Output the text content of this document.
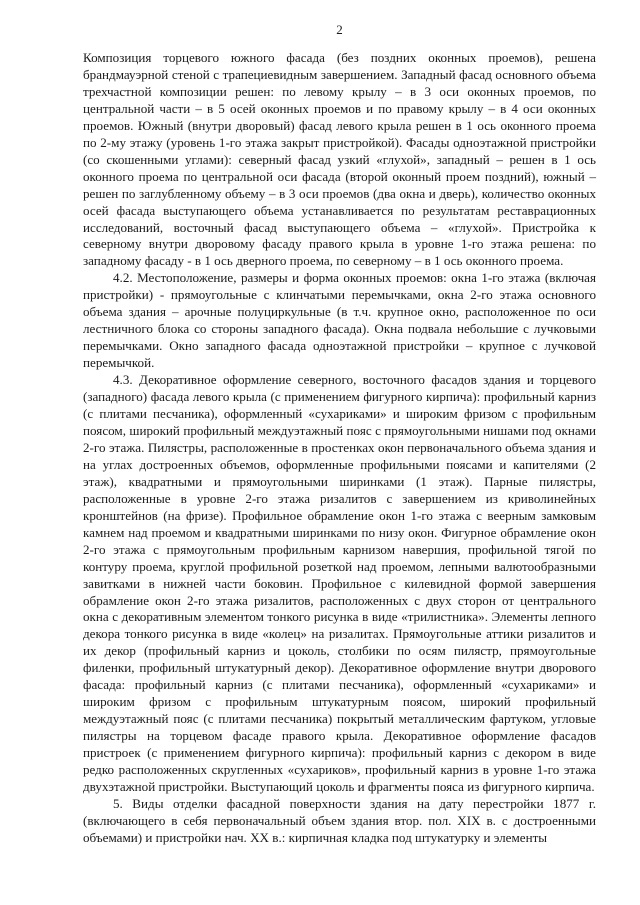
2

Композиция торцевого южного фасада (без поздних оконных проемов), решена брандмауэрной стеной с трапециевидным завершением. Западный фасад основного объема трехчастной композиции решен: по левому крылу – в 3 оси оконных проемов, по центральной части – в 5 осей оконных проемов и по правому крылу – в 4 оси оконных проемов. Южный (внутри дворовый) фасад левого крыла решен в 1 ось оконного проема по 2-му этажу (уровень 1-го этажа закрыт пристройкой). Фасады одноэтажной пристройки (со скошенными углами): северный фасад узкий «глухой», западный – решен в 1 ось оконного проема по центральной оси фасада (второй оконный проем поздний), южный – решен по заглубленному объему – в 3 оси проемов (два окна и дверь), количество оконных осей фасада выступающего объема устанавливается по результатам реставрационных исследований, восточный фасад выступающего объема – «глухой». Пристройка к северному внутри дворовому фасаду правого крыла в уровне 1-го этажа решена: по западному фасаду - в 1 ось дверного проема, по северному – в 1 ось оконного проема.

4.2. Местоположение, размеры и форма оконных проемов: окна 1-го этажа (включая пристройки) - прямоугольные с клинчатыми перемычками, окна 2-го этажа основного объема здания – арочные полуциркульные (в т.ч. крупное окно, расположенное по оси лестничного блока со стороны западного фасада). Окна подвала небольшие с лучковыми перемычками. Окно западного фасада одноэтажной пристройки – крупное с лучковой перемычкой.

4.3. Декоративное оформление северного, восточного фасадов здания и торцевого (западного) фасада левого крыла (с применением фигурного кирпича): профильный карниз (с плитами песчаника), оформленный «сухариками» и широким фризом с профильным поясом, широкий профильный междуэтажный пояс с прямоугольными нишами под окнами 2-го этажа. Пилястры, расположенные в простенках окон первоначального объема здания и на углах достроенных объемов, оформленные профильными поясами и капителями (2 этаж), квадратными и прямоугольными ширинками (1 этаж). Парные пилястры, расположенные в уровне 2-го этажа ризалитов с завершением из криволинейных кронштейнов (на фризе). Профильное обрамление окон 1-го этажа с веерным замковым камнем над проемом и квадратными ширинками по низу окон. Фигурное обрамление окон 2-го этажа с прямоугольным профильным карнизом навершия, профильной тягой по контуру проема, круглой профильной розеткой над проемом, лепными валютообразными завитками в нижней части боковин. Профильное с килевидной формой завершения обрамление окон 2-го этажа ризалитов, расположенных с двух сторон от центрального окна с декоративным элементом тонкого рисунка в виде «трилистника». Элементы лепного декора тонкого рисунка в виде «колец» на ризалитах. Прямоугольные аттики ризалитов и их декор (профильный карниз и цоколь, столбики по осям пилястр, прямоугольные филенки, профильный штукатурный декор). Декоративное оформление внутри дворового фасада: профильный карниз (с плитами песчаника), оформленный «сухариками» и широким фризом с профильным штукатурным поясом, широкий профильный междуэтажный пояс (с плитами песчаника) покрытый металлическим фартуком, угловые пилястры на торцевом фасаде правого крыла. Декоративное оформление фасадов пристроек (с применением фигурного кирпича): профильный карниз с декором в виде редко расположенных скругленных «сухариков», профильный карниз в уровне 1-го этажа двухэтажной пристройки. Выступающий цоколь и фрагменты пояса из фигурного кирпича.

5. Виды отделки фасадной поверхности здания на дату перестройки 1877 г. (включающего в себя первоначальный объем здания втор. пол. XIX в. с достроенными объемами) и пристройки нач. XX в.: кирпичная кладка под штукатурку и элементы
